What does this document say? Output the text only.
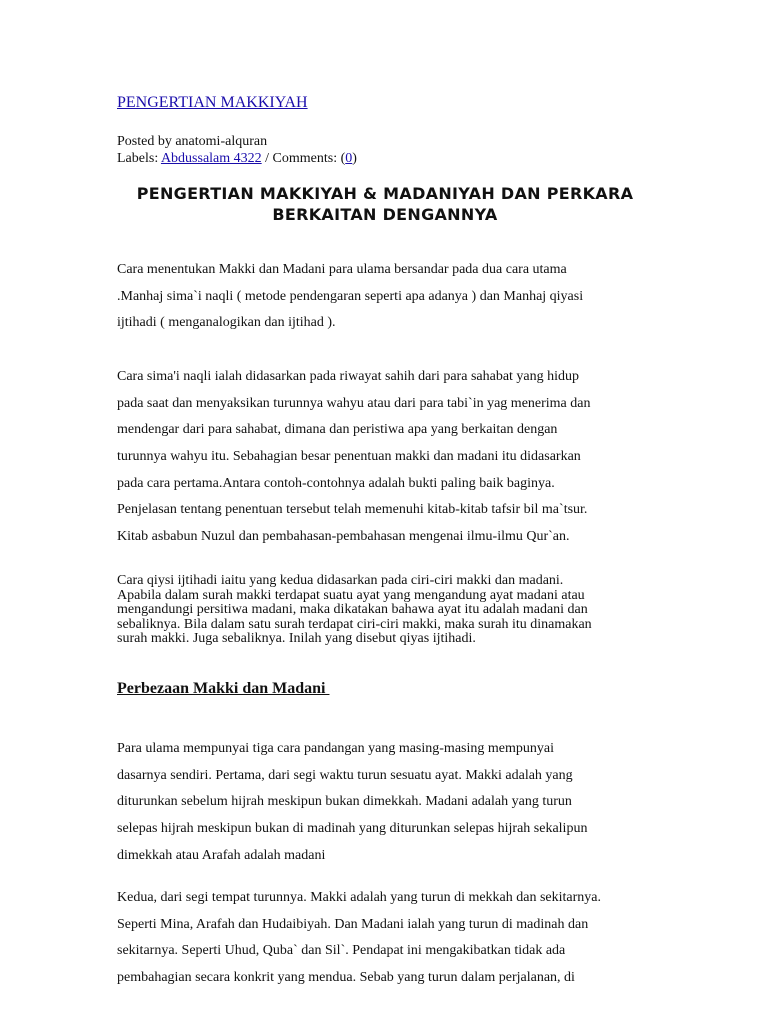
PENGERTIAN MAKKIYAH
Posted by anatomi-alquran
Labels: Abdussalam 4322 / Comments: (0)
PENGERTIAN MAKKIYAH & MADANIYAH DAN PERKARA
BERKAITAN DENGANNYA
Cara menentukan Makki dan Madani para ulama bersandar pada dua cara utama
.Manhaj sima`i naqli ( metode pendengaran seperti apa adanya ) dan Manhaj qiyasi
ijtihadi ( menganalogikan dan ijtihad ).
Cara sima'i naqli ialah didasarkan pada riwayat sahih dari para sahabat yang hidup
pada saat dan menyaksikan turunnya wahyu atau dari para tabi`in yag menerima dan
mendengar dari para sahabat, dimana dan peristiwa apa yang berkaitan dengan
turunnya wahyu itu. Sebahagian besar penentuan makki dan madani itu didasarkan
pada cara pertama.Antara contoh-contohnya adalah bukti paling baik baginya.
Penjelasan tentang penentuan tersebut telah memenuhi kitab-kitab tafsir bil ma`tsur.
Kitab asbabun Nuzul dan pembahasan-pembahasan mengenai ilmu-ilmu Qur`an.
Cara qiysi ijtihadi iaitu yang kedua didasarkan pada ciri-ciri makki dan madani.
Apabila dalam surah makki terdapat suatu ayat yang mengandung ayat madani atau
mengandungi persitiwa madani, maka dikatakan bahawa ayat itu adalah madani dan
sebaliknya. Bila dalam satu surah terdapat ciri-ciri makki, maka surah itu dinamakan
surah makki. Juga sebaliknya. Inilah yang disebut qiyas ijtihadi.
Perbezaan Makki dan Madani
Para ulama mempunyai tiga cara pandangan yang masing-masing mempunyai
dasarnya sendiri. Pertama, dari segi waktu turun sesuatu ayat. Makki adalah yang
diturunkan sebelum hijrah meskipun bukan dimekkah. Madani adalah yang turun
selepas hijrah meskipun bukan di madinah yang diturunkan selepas hijrah sekalipun
dimekkah atau Arafah adalah madani
Kedua, dari segi tempat turunnya. Makki adalah yang turun di mekkah dan sekitarnya.
Seperti Mina, Arafah dan Hudaibiyah. Dan Madani ialah yang turun di madinah dan
sekitarnya. Seperti Uhud, Quba` dan Sil`. Pendapat ini mengakibatkan tidak ada
pembahagian secara konkrit yang mendua. Sebab yang turun dalam perjalanan, di
